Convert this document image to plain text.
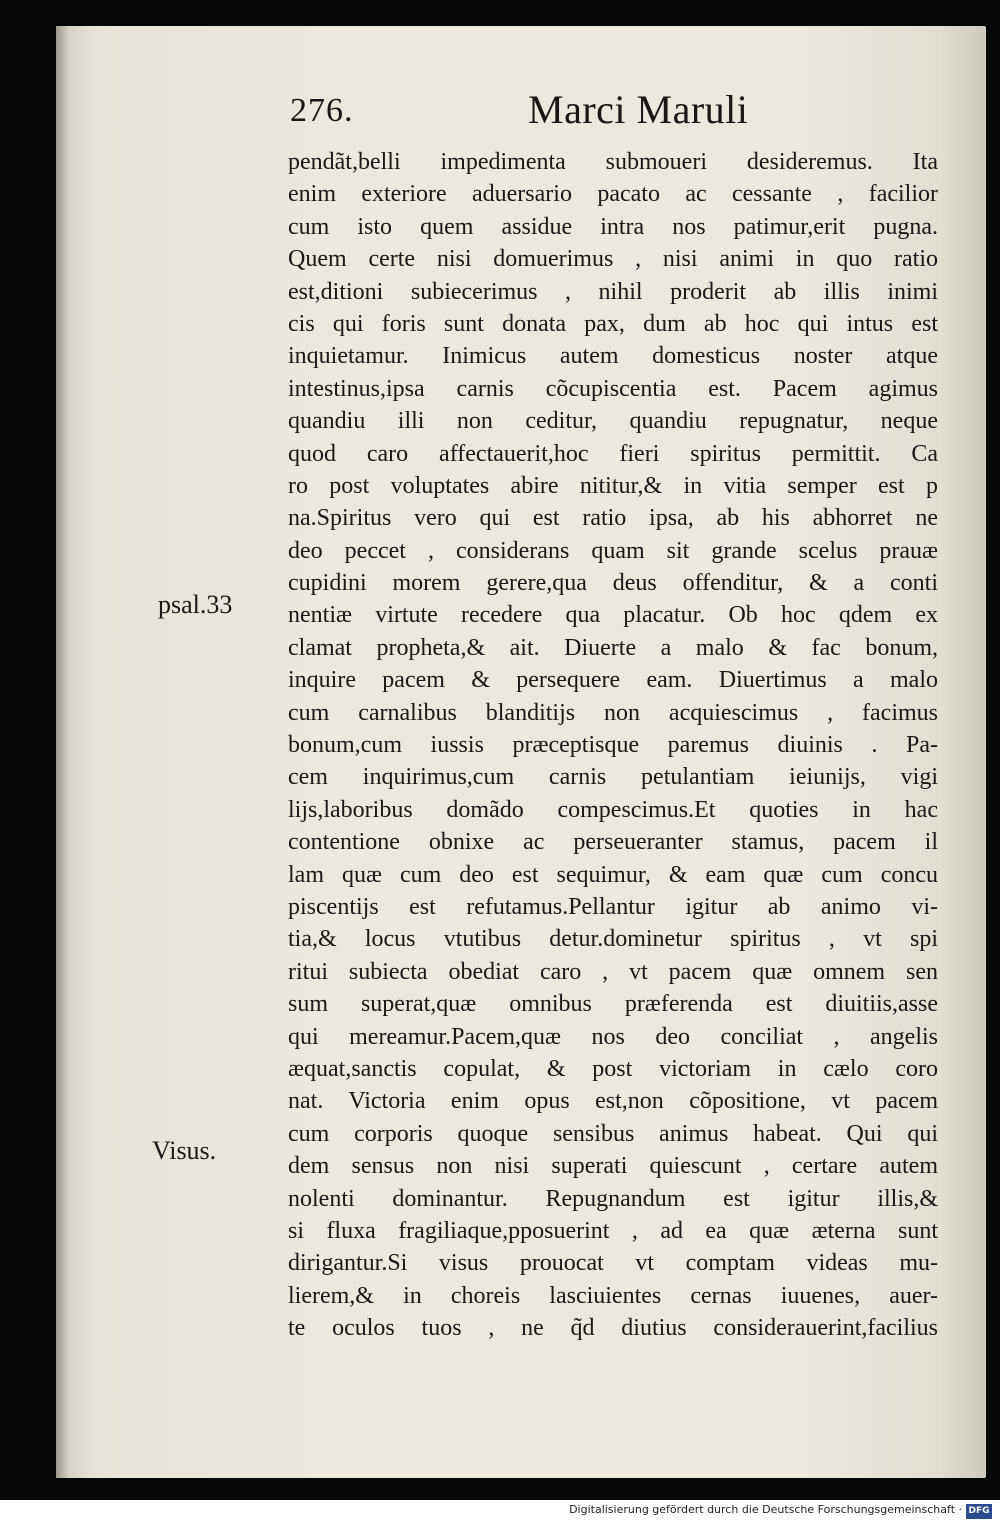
276.	Marci Maruli
pendãt,belli impedimenta submoueri desideremus. Ita
enim exteriore aduersario pacato ac cessante , facilior
cum isto quem assidue intra nos patimur,erit pugna.
Quem certe nisi domuerimus , nisi animi in quo ratio
est,ditioni subiecerimus , nihil proderit ab illis inimi
cis qui foris sunt donata pax, dum ab hoc qui intus est
inquietamur. Inimicus autem domesticus noster atque
intestinus,ipsa carnis cõcupiscentia est. Pacem agimus
quandiu illi non ceditur, quandiu repugnatur, neque
quod caro affectauerit,hoc fieri spiritus permittit. Ca
ro post voluptates abire nititur,& in vitia semper est p
na.Spiritus vero qui est ratio ipsa, ab his abhorret ne
deo peccet , considerans quam sit grande scelus prauæ
cupidini morem gerere,qua deus offenditur, & a conti
nentiæ virtute recedere qua placatur. Ob hoc qdem ex
clamat propheta,& ait. Diuerte a malo & fac bonum,
inquire pacem & persequere eam. Diuertimus a malo
cum carnalibus blanditijs non acquiescimus , facimus
bonum,cum iussis præceptisque paremus diuinis . Pa-
cem inquirimus,cum carnis petulantiam ieiunijs, vigi
lijs,laboribus domãdo compescimus.Et quoties in hac
contentione obnixe ac perseueranter stamus, pacem il
lam quæ cum deo est sequimur, & eam quæ cum concu
piscentijs est refutamus.Pellantur igitur ab animo vi-
tia,& locus vtutibus detur.dominetur spiritus , vt spi
ritui subiecta obediat caro , vt pacem quæ omnem sen
sum superat,quæ omnibus præferenda est diuitiis,asse
qui mereamur.Pacem,quæ nos deo conciliat , angelis
æquat,sanctis copulat, & post victoriam in cælo coro
nat. Victoria enim opus est,non cõpositione, vt pacem
cum corporis quoque sensibus animus habeat. Qui qui
dem sensus non nisi superati quiescunt , certare autem
nolenti dominantur. Repugnandum est igitur illis,&
si fluxa fragiliaque,pposuerint , ad ea quæ æterna sunt
dirigantur.Si visus prouocat vt comptam videas mu-
lierem,& in choreis lasciuientes cernas iuuenes, auer-
te oculos tuos , ne q̃d diutius considerauerint,facilius
psal.33
Visus.
Digitalisierung gefördert durch die Deutsche Forschungsgemeinschaft · DFG
